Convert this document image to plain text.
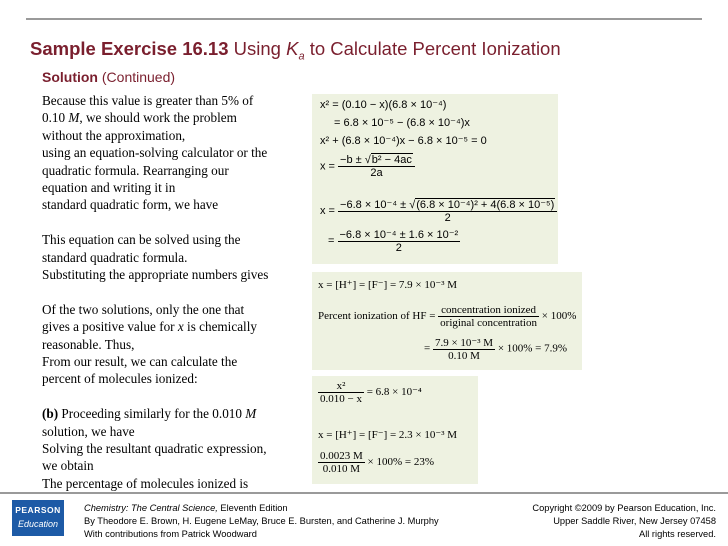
Sample Exercise 16.13 Using $K_a$ to Calculate Percent Ionization
Solution (Continued)

Because this value is greater than 5% of

0.10 M, we should work the problem

without the approximation,

using an equation-solving calculator or the

quadratic formula. Rearranging our

equation and writing it in

standard quadratic form, we have

This equation can be solved using the

standard quadratic formula.

Substituting the appropriate numbers gives

Of the two solutions, only the one that

gives a positive value for x is chemically

reasonable. Thus,

From our result, we can calculate the

percent of molecules ionized:

(b) Proceeding similarly for the 0.010 M

solution, we have

Solving the resultant quadratic expression,

we obtain

The percentage of molecules ionized is

x² = (0.10 − x)(6.8 × 10⁻⁴)
= 6.8 × 10⁻⁵ − (6.8 × 10⁻⁴)x
x² + (6.8 × 10⁻⁴)x − 6.8 × 10⁻⁵ = 0
$x = \frac{\text{−b ± √b² − 4ac}}{2a}$
$x = \frac{\text{−6.8 × 10⁻⁴ ± √(6.8 × 10⁻⁴)² + 4(6.8 × 10⁻⁵)}}{2}$
= $\frac{\text{−6.8 × 10⁻⁴ ± 1.6 × 10⁻²}}{2}$
x = [H⁺] = [F⁻] = 7.9 × 10⁻³ M
Percent ionization of HF = $\frac{\text{concentration ionized}}{\text{original concentration}} \times 100\%$
= $\frac{\text{7.9 × 10⁻³ M}}{0.10 M} \times 100\% = 7.9\%$
$\frac{\text{x²}}{0.010 - x} = 6.8 \times 10^{-4}$
x = [H⁺] = [F⁻] = 2.3 × 10⁻³ M
$\frac{0.0023 M}{0.010 M} \times 100\% = 23\%$
PEARSON
Education
Chemistry: The Central Science, Eleventh Edition
By Theodore E. Brown, H. Eugene LeMay, Bruce E. Bursten, and Catherine J. Murphy
With contributions from Patrick Woodward
Copyright ©2009 by Pearson Education, Inc.
Upper Saddle River, New Jersey 07458
All rights reserved.
